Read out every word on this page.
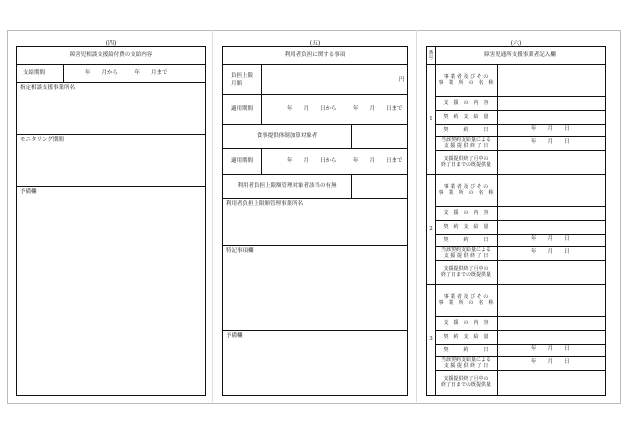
(四)
障害児相談支援給付費の支給内容
支給期間	年　　月から　　　年　　月まで
指定相談支援事業所名
モニタリング期間
予備欄
(五)
利用者負担に関する事項
負担上限
月額
円
適用期間	年　　月　　日から　　　年　　月　　日まで
食事提供体制加算対象者
適用期間	年　　月　　日から　　　年　　月　　日まで
利用者負担上限額管理対象者該当の有無
利用者負担上限額管理事業所名
特記事項欄
予備欄
(六)
番
号
障害児通所支援事業者記入欄
1
事 業 者 及 び そ の
事　業　所　の　名　称
支　援　の　内　容
契　約　支　給　量
契　　　約　　　日	年　　月　　日
当該契約支給量による
支 援 提 供 終 了 日
年　　月　　日
支援提供終了月中の
終了日までの既提供量
2
事 業 者 及 び そ の
事　業　所　の　名　称
支　援　の　内　容
契　約　支　給　量
契　　　約　　　日	年　　月　　日
当該契約支給量による
支 援 提 供 終 了 日
年　　月　　日
支援提供終了月中の
終了日までの既提供量
3
事 業 者 及 び そ の
事　業　所　の　名　称
支　援　の　内　容
契　約　支　給　量
契　　　約　　　日	年　　月　　日
当該契約支給量による
支 援 提 供 終 了 日
年　　月　　日
支援提供終了月中の
終了日までの既提供量
